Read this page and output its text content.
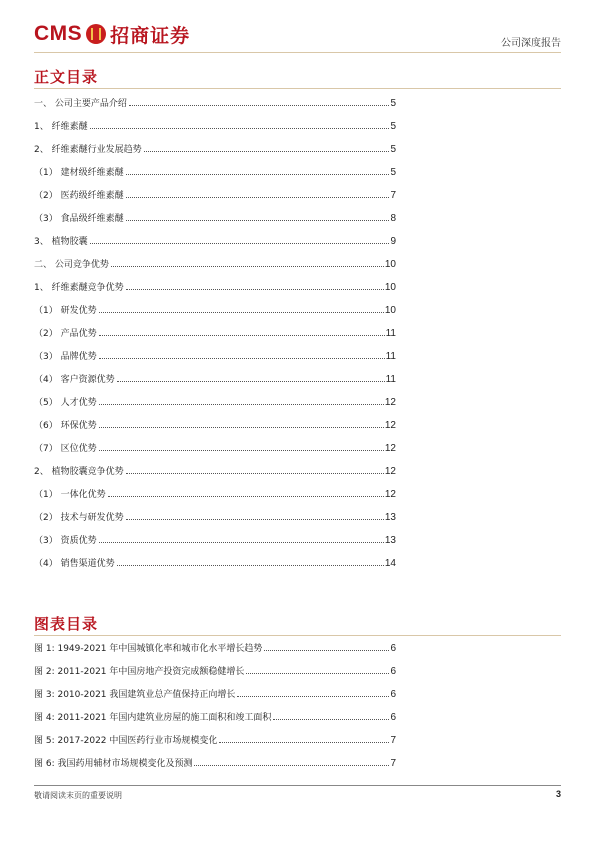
CMS 招商证券	公司深度报告
正文目录
一、 公司主要产品介绍	5
1、 纤维素醚	5
2、 纤维素醚行业发展趋势	5
（1） 建材级纤维素醚	5
（2） 医药级纤维素醚	7
（3） 食品级纤维素醚	8
3、 植物胶囊	9
二、 公司竞争优势	10
1、 纤维素醚竞争优势	10
（1） 研发优势	10
（2） 产品优势	11
（3） 品牌优势	11
（4） 客户资源优势	11
（5） 人才优势	12
（6） 环保优势	12
（7） 区位优势	12
2、 植物胶囊竞争优势	12
（1） 一体化优势	12
（2） 技术与研发优势	13
（3） 资质优势	13
（4） 销售渠道优势	14
图表目录
图 1: 1949-2021 年中国城镇化率和城市化水平增长趋势	6
图 2: 2011-2021 年中国房地产投资完成额稳健增长	6
图 3: 2010-2021 我国建筑业总产值保持正向增长	6
图 4: 2011-2021 年国内建筑业房屋的施工面积和竣工面积	6
图 5: 2017-2022 中国医药行业市场规模变化	7
图 6: 我国药用辅材市场规模变化及预测	7
敬请阅读末页的重要说明	3
